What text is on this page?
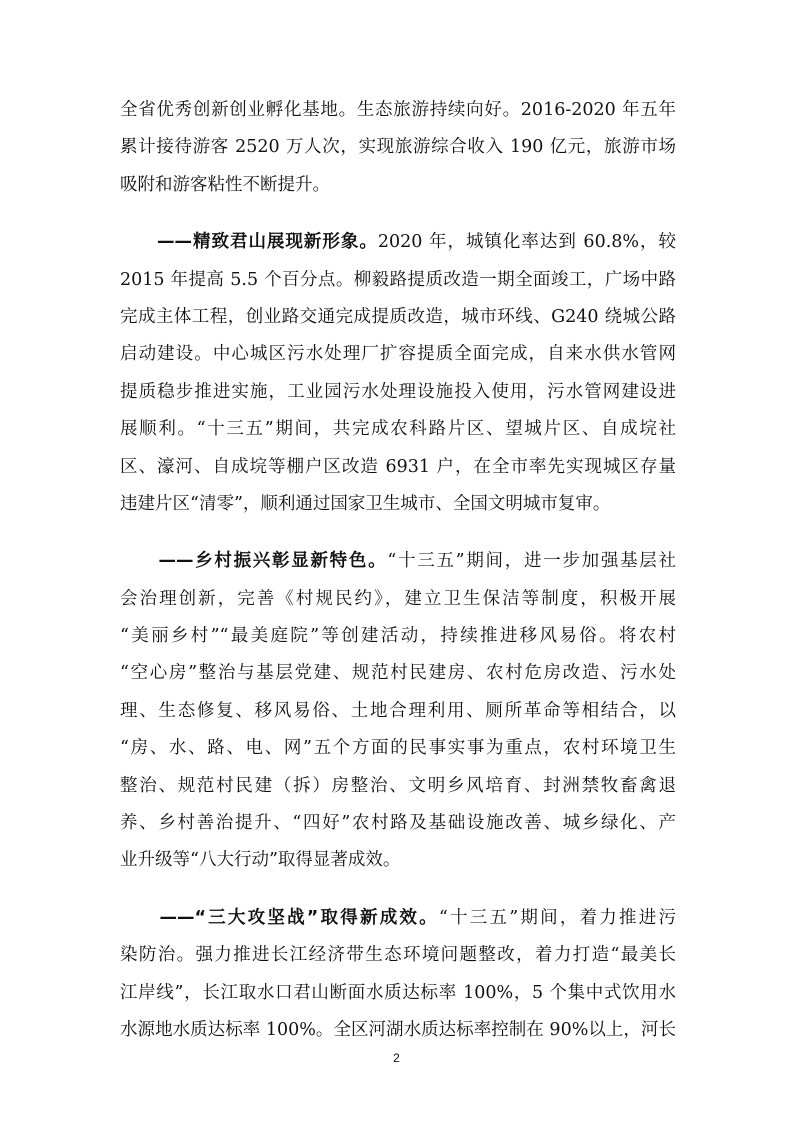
全省优秀创新创业孵化基地。生态旅游持续向好。2016-2020 年五年
累计接待游客 2520 万人次，实现旅游综合收入 190 亿元，旅游市场
吸附和游客粘性不断提升。
　　——精致君山展现新形象。2020 年，城镇化率达到 60.8%，较
2015 年提高 5.5 个百分点。柳毅路提质改造一期全面竣工，广场中路
完成主体工程，创业路交通完成提质改造，城市环线、G240 绕城公路
启动建设。中心城区污水处理厂扩容提质全面完成，自来水供水管网
提质稳步推进实施，工业园污水处理设施投入使用，污水管网建设进
展顺利。“十三五”期间，共完成农科路片区、望城片区、自成垸社
区、濠河、自成垸等棚户区改造 6931 户，在全市率先实现城区存量
违建片区“清零”，顺利通过国家卫生城市、全国文明城市复审。
　　——乡村振兴彰显新特色。“十三五”期间，进一步加强基层社
会治理创新，完善《村规民约》，建立卫生保洁等制度，积极开展
“美丽乡村”“最美庭院”等创建活动，持续推进移风易俗。将农村
“空心房”整治与基层党建、规范村民建房、农村危房改造、污水处
理、生态修复、移风易俗、土地合理利用、厕所革命等相结合，以
“房、水、路、电、网”五个方面的民事实事为重点，农村环境卫生
整治、规范村民建（拆）房整治、文明乡风培育、封洲禁牧畜禽退
养、乡村善治提升、“四好”农村路及基础设施改善、城乡绿化、产
业升级等“八大行动”取得显著成效。
　　——“三大攻坚战”取得新成效。“十三五”期间，着力推进污
染防治。强力推进长江经济带生态环境问题整改，着力打造“最美长
江岸线”，长江取水口君山断面水质达标率 100%，5 个集中式饮用水
水源地水质达标率 100%。全区河湖水质达标率控制在 90%以上，河长
2
